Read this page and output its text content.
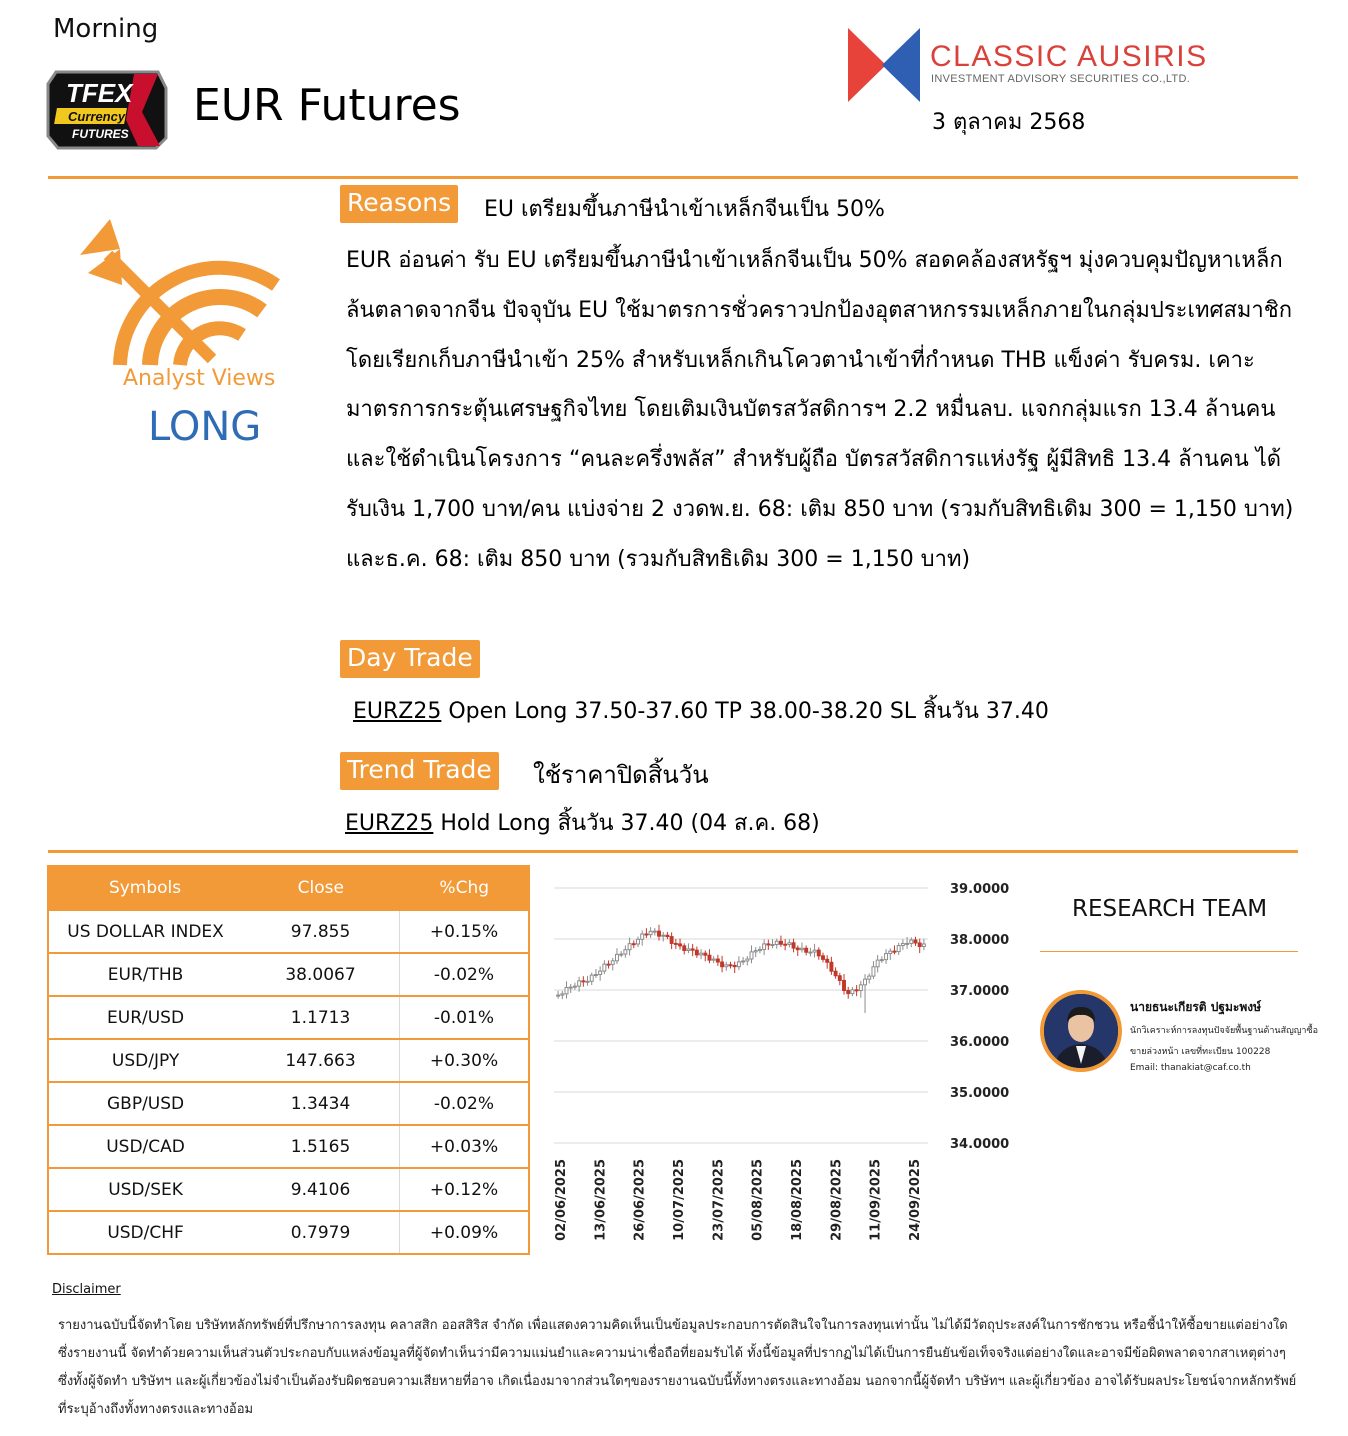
Morning
TFEX
Currency
FUTURES
EUR Futures
CLASSIC AUSIRIS
INVESTMENT ADVISORY SECURITIES CO.,LTD.
3 ตุลาคม 2568
Analyst Views
LONG
Reasons	EU เตรียมขึ้นภาษีนำเข้าเหล็กจีนเป็น 50%
EUR อ่อนค่า รับ EU เตรียมขึ้นภาษีนำเข้าเหล็กจีนเป็น 50% สอดคล้องสหรัฐฯ มุ่งควบคุมปัญหาเหล็กล้นตลาดจากจีน ปัจจุบัน EU ใช้มาตรการชั่วคราวปกป้องอุตสาหกรรมเหล็กภายในกลุ่มประเทศสมาชิก โดยเรียกเก็บภาษีนำเข้า 25% สำหรับเหล็กเกินโควตานำเข้าที่กำหนด THB แข็งค่า รับครม. เคาะมาตรการกระตุ้นเศรษฐกิจไทย โดยเติมเงินบัตรสวัสดิการฯ 2.2 หมื่นลบ. แจกกลุ่มแรก 13.4 ล้านคน และใช้ดำเนินโครงการ “คนละครึ่งพลัส” สำหรับผู้ถือ บัตรสวัสดิการแห่งรัฐ ผู้มีสิทธิ 13.4 ล้านคน ได้รับเงิน 1,700 บาท/คน แบ่งจ่าย 2 งวดพ.ย. 68: เติม 850 บาท (รวมกับสิทธิเดิม 300 = 1,150 บาท) และธ.ค. 68: เติม 850 บาท (รวมกับสิทธิเดิม 300 = 1,150 บาท)
Day Trade
EURZ25 Open Long 37.50-37.60 TP 38.00-38.20 SL สิ้นวัน 37.40
Trend Trade ใช้ราคาปิดสิ้นวัน
EURZ25 Hold Long สิ้นวัน 37.40 (04 ส.ค. 68)
Symbols	Close	%Chg
US DOLLAR INDEX	97.855	+0.15%
EUR/THB	38.0067	-0.02%
EUR/USD	1.1713	-0.01%
USD/JPY	147.663	+0.30%
GBP/USD	1.3434	-0.02%
USD/CAD	1.5165	+0.03%
USD/SEK	9.4106	+0.12%
USD/CHF	0.7979	+0.09%
39.0000
38.0000
37.0000
36.0000
35.0000
34.0000
02/06/2025 13/06/2025 26/06/2025 10/07/2025 23/07/2025 05/08/2025 18/08/2025 29/08/2025 11/09/2025 24/09/2025
RESEARCH TEAM
นายธนะเกียรติ ปฐมะพงษ์
นักวิเคราะห์การลงทุนปัจจัยพื้นฐานด้านสัญญาซื้อ
ขายล่วงหน้า เลขที่ทะเบียน 100228
Email: thanakiat@caf.co.th
Disclaimer
รายงานฉบับนี้จัดทำโดย บริษัทหลักทรัพย์ที่ปรึกษาการลงทุน คลาสสิก ออสสิริส จำกัด เพื่อแสดงความคิดเห็นเป็นข้อมูลประกอบการตัดสินใจในการลงทุนเท่านั้น ไม่ได้มีวัตถุประสงค์ในการชักชวน หรือชี้นำให้ซื้อขายแต่อย่างใด ซึ่งรายงานนี้ จัดทำด้วยความเห็นส่วนตัวประกอบกับแหล่งข้อมูลที่ผู้จัดทำเห็นว่ามีความแม่นยำและความน่าเชื่อถือที่ยอมรับได้ ทั้งนี้ข้อมูลที่ปรากฏไม่ได้เป็นการยืนยันข้อเท็จจริงแต่อย่างใดและอาจมีข้อผิดพลาดจากสาเหตุต่างๆ ซึ่งทั้งผู้จัดทำ บริษัทฯ และผู้เกี่ยวข้องไม่จำเป็นต้องรับผิดชอบความเสียหายที่อาจ เกิดเนื่องมาจากส่วนใดๆของรายงานฉบับนี้ทั้งทางตรงและทางอ้อม นอกจากนี้ผู้จัดทำ บริษัทฯ และผู้เกี่ยวข้อง อาจได้รับผลประโยชน์จากหลักทรัพย์ที่ระบุอ้างถึงทั้งทางตรงและทางอ้อม
